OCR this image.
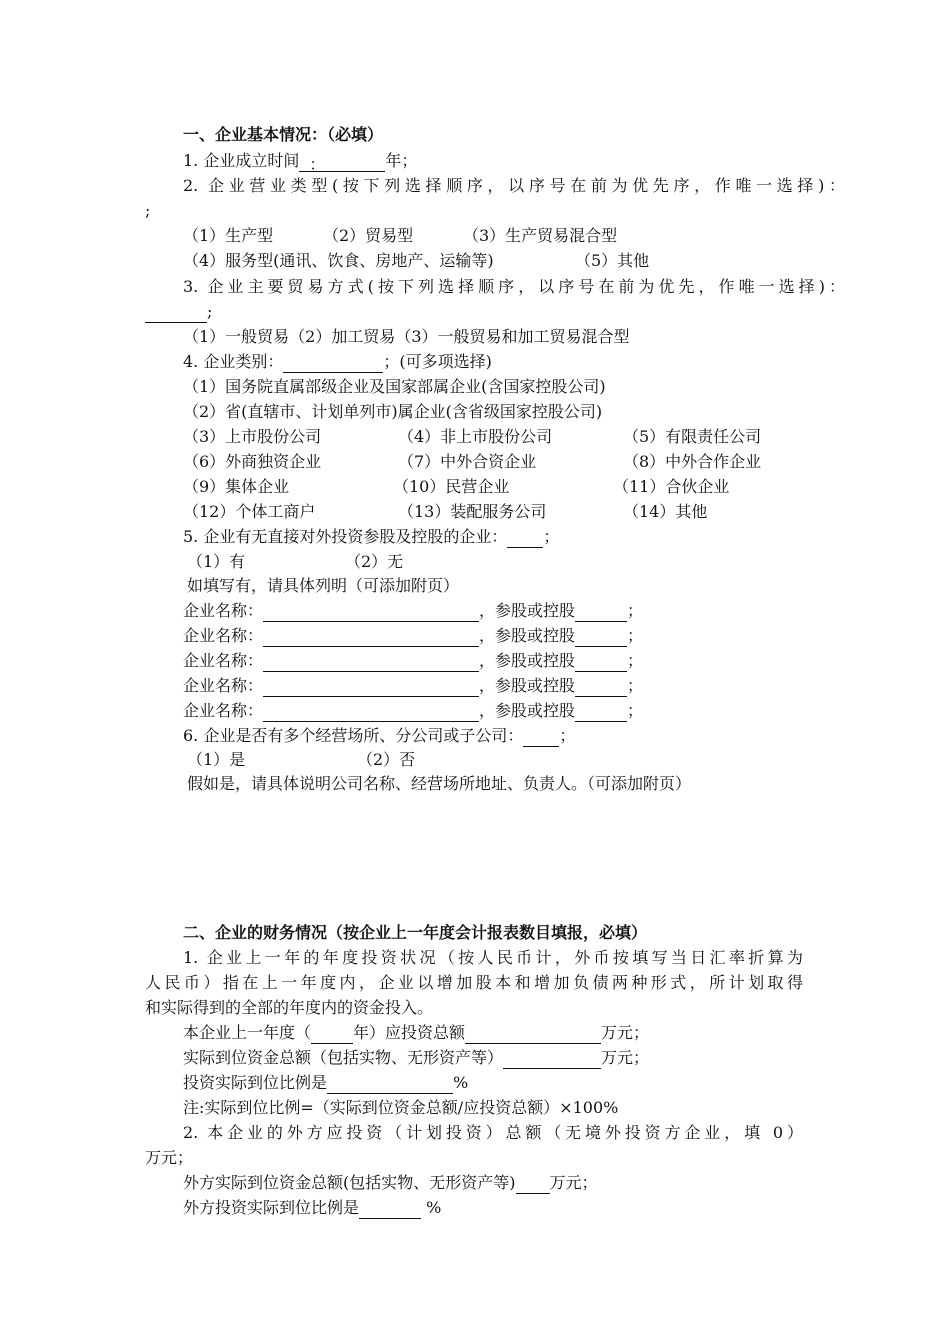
一、企业基本情况：（必填）
1. 企业成立时间 ：	年；
2. 企业营业类型(按下列选择顺序，以序号在前为优先序，作唯一选择)：
;
（1）生产型	（2）贸易型	（3）生产贸易混合型
（4）服务型(通讯、饮食、房地产、运输等)	（5）其他
3. 企业主要贸易方式(按下列选择顺序，以序号在前为优先，作唯一选择)：
;
（1）一般贸易（2）加工贸易（3）一般贸易和加工贸易混合型
4. 企业类别：	；(可多项选择)
（1）国务院直属部级企业及国家部属企业(含国家控股公司)
（2）省(直辖市、计划单列市)属企业(含省级国家控股公司)
（3）上市股份公司	（4）非上市股份公司	（5）有限责任公司
（6）外商独资企业	（7）中外合资企业	（8）中外合作企业
（9）集体企业	（10）民营企业	（11）合伙企业
（12）个体工商户	（13）装配服务公司	（14）其他
5. 企业有无直接对外投资参股及控股的企业： ；
（1）有	（2）无
如填写有，请具体列明（可添加附页）
企业名称：	，参股或控股	；
企业名称：	，参股或控股	；
企业名称：	，参股或控股	；
企业名称：	，参股或控股	；
企业名称：	，参股或控股	；
6. 企业是否有多个经营场所、分公司或子公司： ；
（1）是	（2）否
假如是，请具体说明公司名称、经营场所地址、负责人。（可添加附页）
二、企业的财务情况（按企业上一年度会计报表数目填报，必填）
1. 企业上一年的年度投资状况（按人民币计，外币按填写当日汇率折算为
人民币）指在上一年度内，企业以增加股本和增加负债两种形式，所计划取得
和实际得到的全部的年度内的资金投入。
本企业上一年度（	年）应投资总额	万元；
实际到位资金总额（包括实物、无形资产等）	万元；
投资实际到位比例是	%
注:实际到位比例=（实际到位资金总额/应投资总额）×100%
2. 本企业的外方应投资（计划投资）总额（无境外投资方企业，填 0）
万元；
外方实际到位资金总额(包括实物、无形资产等) 万元；
外方投资实际到位比例是	%
